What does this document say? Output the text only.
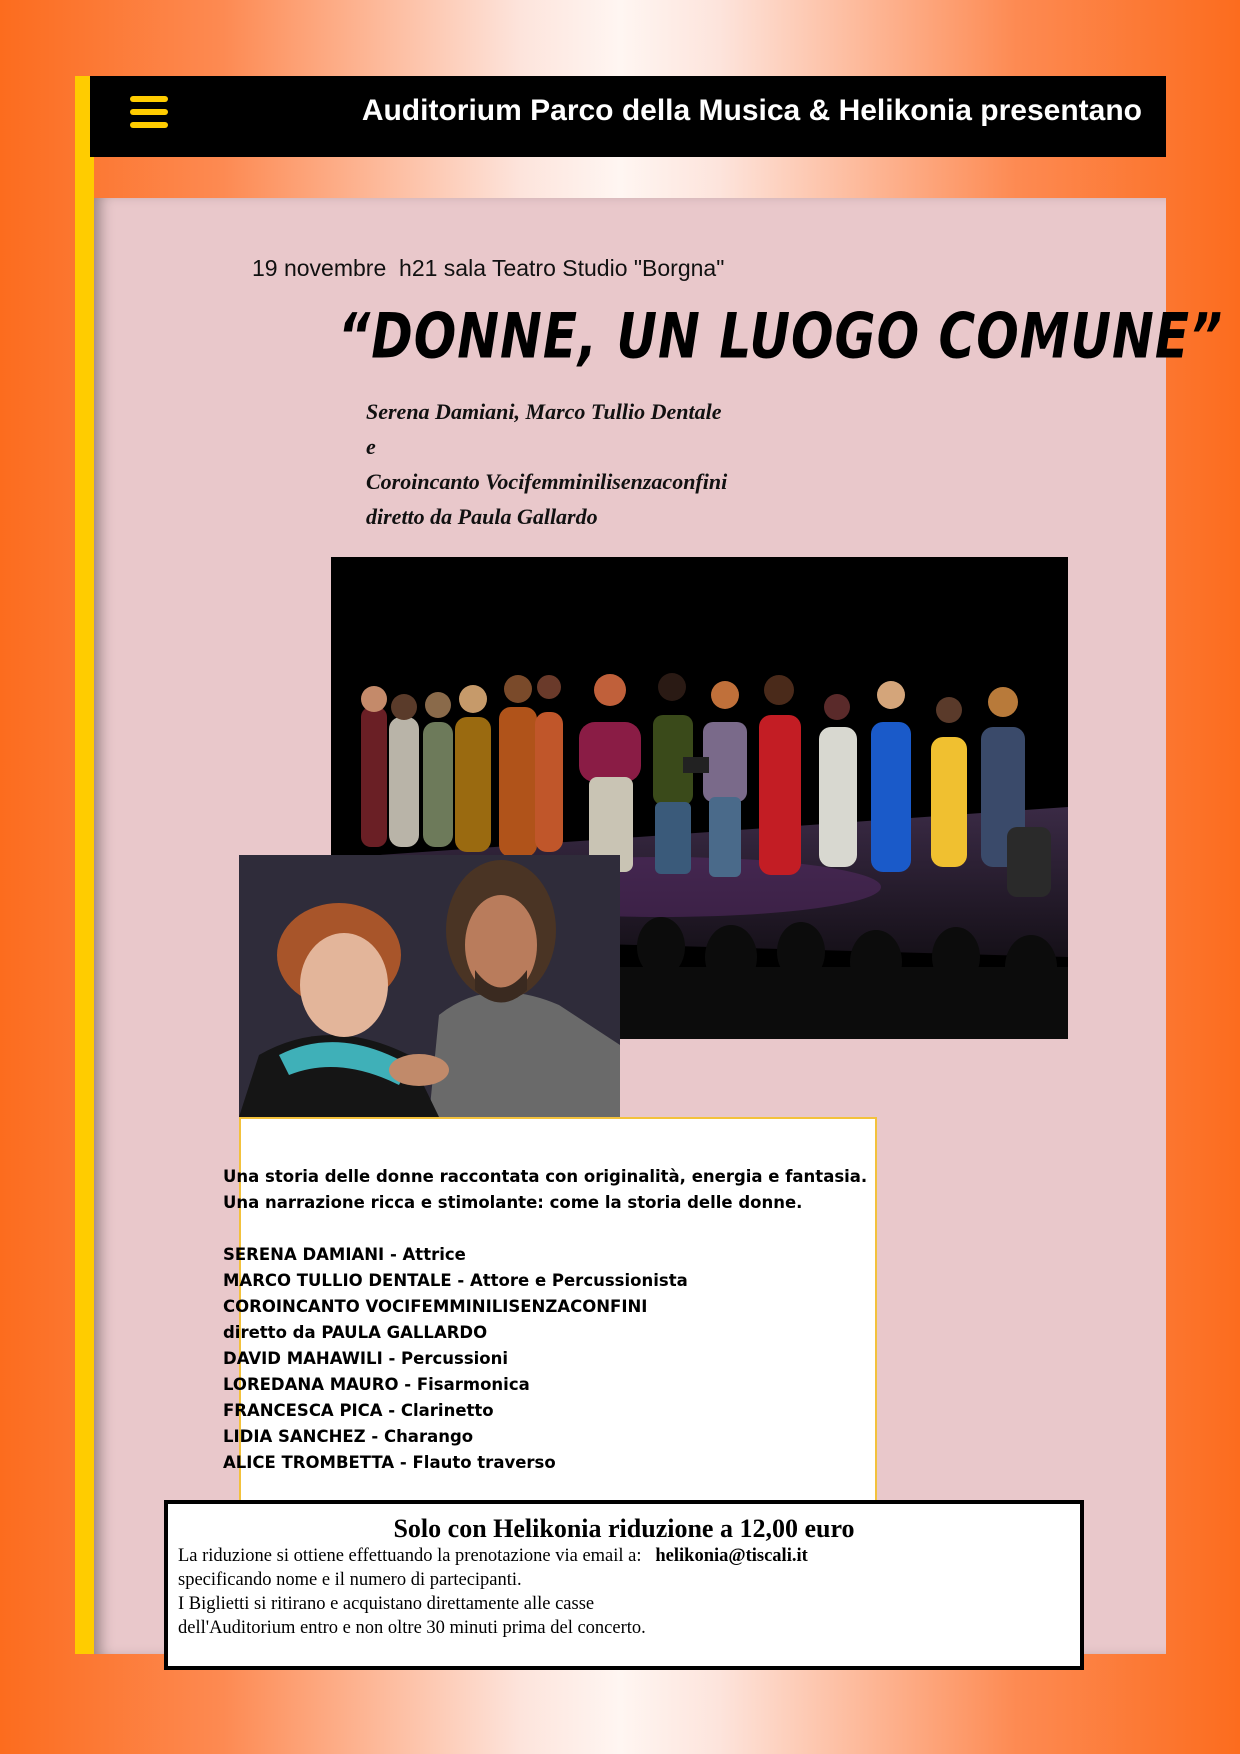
Auditorium Parco della Musica & Helikonia presentano
19 novembre  h21 sala Teatro Studio "Borgna"
“DONNE, UN LUOGO COMUNE”
Serena Damiani, Marco Tullio Dentale
e
Coroincanto Vocifemminilisenzaconfini
diretto da Paula Gallardo
Una storia delle donne raccontata con originalità, energia e fantasia.
Una narrazione ricca e stimolante: come la storia delle donne.
SERENA DAMIANI - Attrice
MARCO TULLIO DENTALE - Attore e Percussionista
COROINCANTO VOCIFEMMINILISENZACONFINI
diretto da PAULA GALLARDO
DAVID MAHAWILI - Percussioni
LOREDANA MAURO - Fisarmonica
FRANCESCA PICA - Clarinetto
LIDIA SANCHEZ - Charango
ALICE TROMBETTA - Flauto traverso
Solo con Helikonia riduzione a 12,00 euro
La riduzione si ottiene effettuando la prenotazione via email a: helikonia@tiscali.it
specificando nome e il numero di partecipanti.
I Biglietti si ritirano e acquistano direttamente alle casse
dell'Auditorium entro e non oltre 30 minuti prima del concerto.
